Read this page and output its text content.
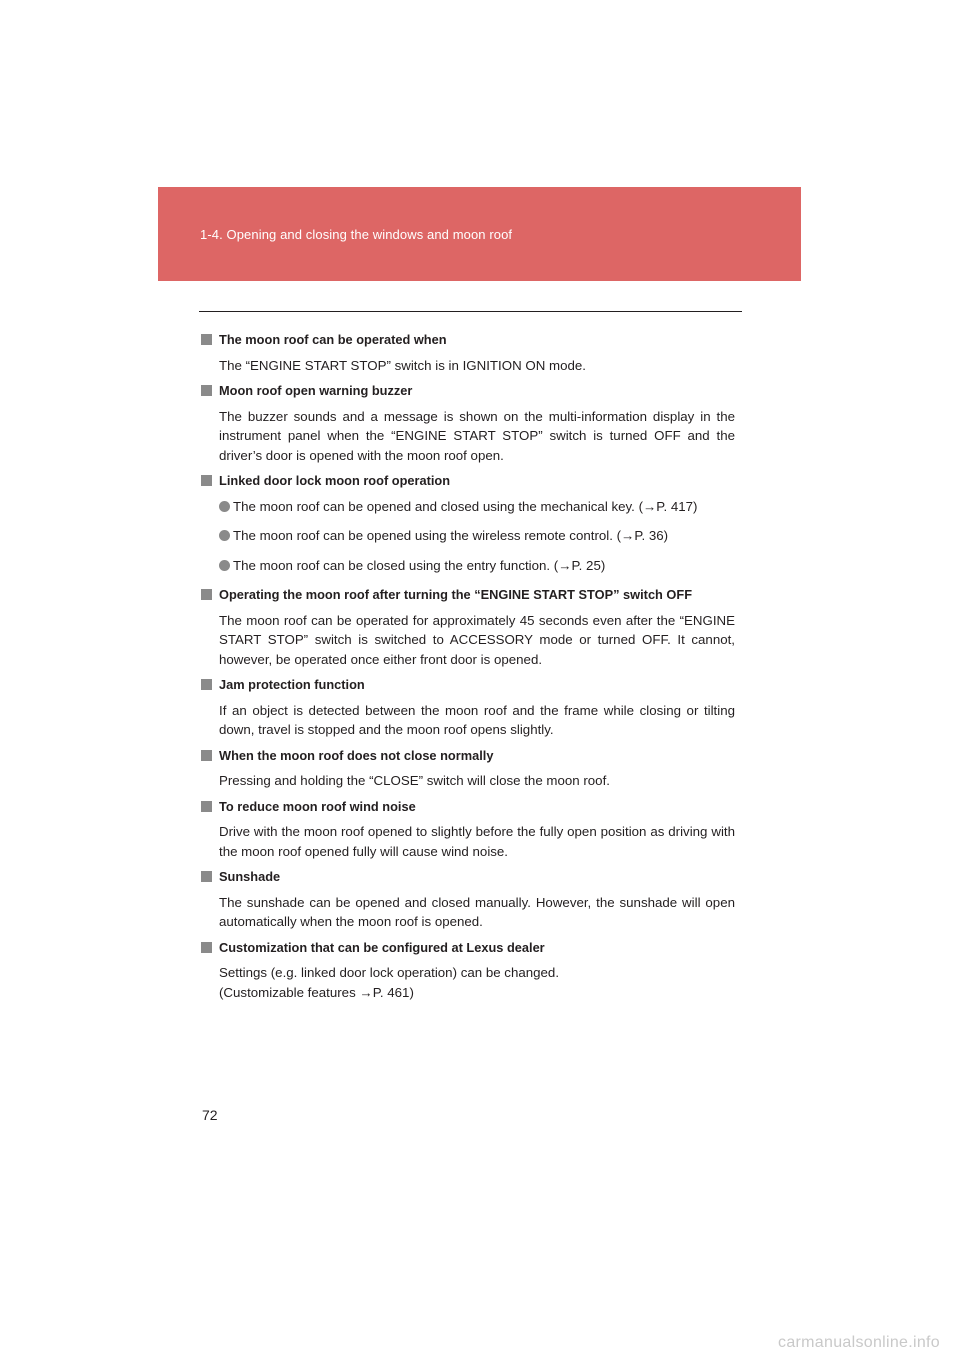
1-4. Opening and closing the windows and moon roof
The moon roof can be operated when
The “ENGINE START STOP” switch is in IGNITION ON mode.
Moon roof open warning buzzer
The buzzer sounds and a message is shown on the multi-information display in the instrument panel when the “ENGINE START STOP” switch is turned OFF and the driver’s door is opened with the moon roof open.
Linked door lock moon roof operation
The moon roof can be opened and closed using the mechanical key. (→P. 417)
The moon roof can be opened using the wireless remote control. (→P. 36)
The moon roof can be closed using the entry function. (→P. 25)
Operating the moon roof after turning the “ENGINE START STOP” switch OFF
The moon roof can be operated for approximately 45 seconds even after the “ENGINE START STOP” switch is switched to ACCESSORY mode or turned OFF. It cannot, however, be operated once either front door is opened.
Jam protection function
If an object is detected between the moon roof and the frame while closing or tilting down, travel is stopped and the moon roof opens slightly.
When the moon roof does not close normally
Pressing and holding the “CLOSE” switch will close the moon roof.
To reduce moon roof wind noise
Drive with the moon roof opened to slightly before the fully open position as driving with the moon roof opened fully will cause wind noise.
Sunshade
The sunshade can be opened and closed manually. However, the sunshade will open automatically when the moon roof is opened.
Customization that can be configured at Lexus dealer
Settings (e.g. linked door lock operation) can be changed.
(Customizable features →P. 461)
72
carmanualsonline.info
